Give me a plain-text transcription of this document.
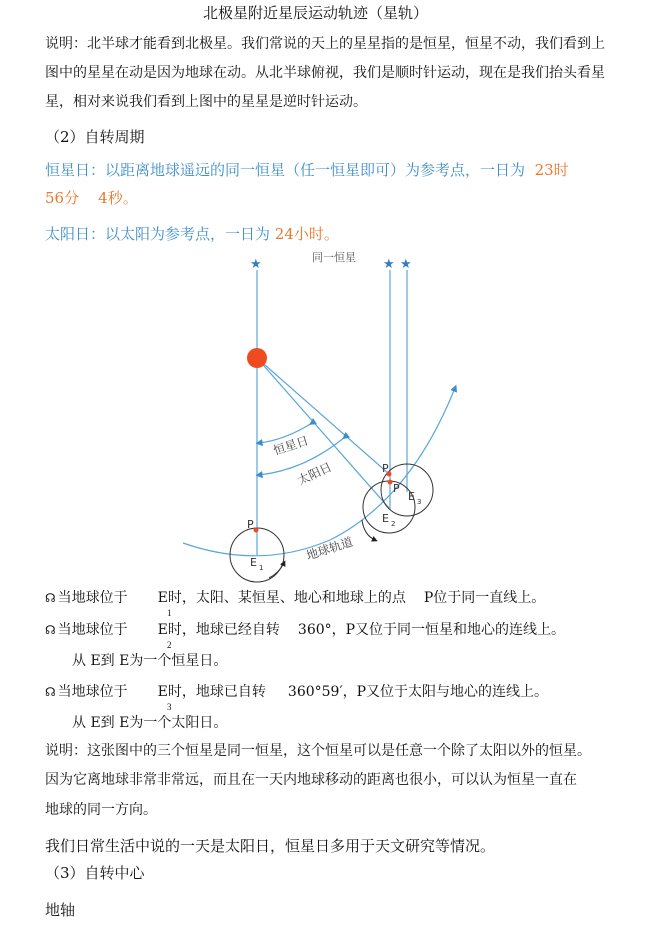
北极星附近星辰运动轨迹（星轨）
说明：北半球才能看到北极星。我们常说的天上的星星指的是恒星，恒星不动，我们看到上
图中的星星在动是因为地球在动。从北半球俯视，我们是顺时针运动，现在是我们抬头看星
星，相对来说我们看到上图中的星星是逆时针运动。
（2）自转周期
恒星日：以距离地球遥远的同一恒星（任一恒星即可）为参考点，一日为 23时
56分 4秒。
太阳日：以太阳为参考点，一日为 24小时。
★	★ ★
同一恒星
P
E 1
P
P
E 2
E 3
恒星日
太阳日
地球轨道
☊ 当地球位于 E时，太阳、某恒星、地心和地球上的点 P位于同一直线上。
1
☊ 当地球位于 E时，地球已经自转 360°，P又位于同一恒星和地心的连线上。
2
从 E到 E为一个恒星日。
☊ 当地球位于 E时，地球已自转 360°59′，P又位于太阳与地心的连线上。
3
从 E到 E为一个太阳日。
说明：这张图中的三个恒星是同一恒星，这个恒星可以是任意一个除了太阳以外的恒星。
因为它离地球非常非常远，而且在一天内地球移动的距离也很小，可以认为恒星一直在
地球的同一方向。
我们日常生活中说的一天是太阳日，恒星日多用于天文研究等情况。
（3）自转中心
地轴
